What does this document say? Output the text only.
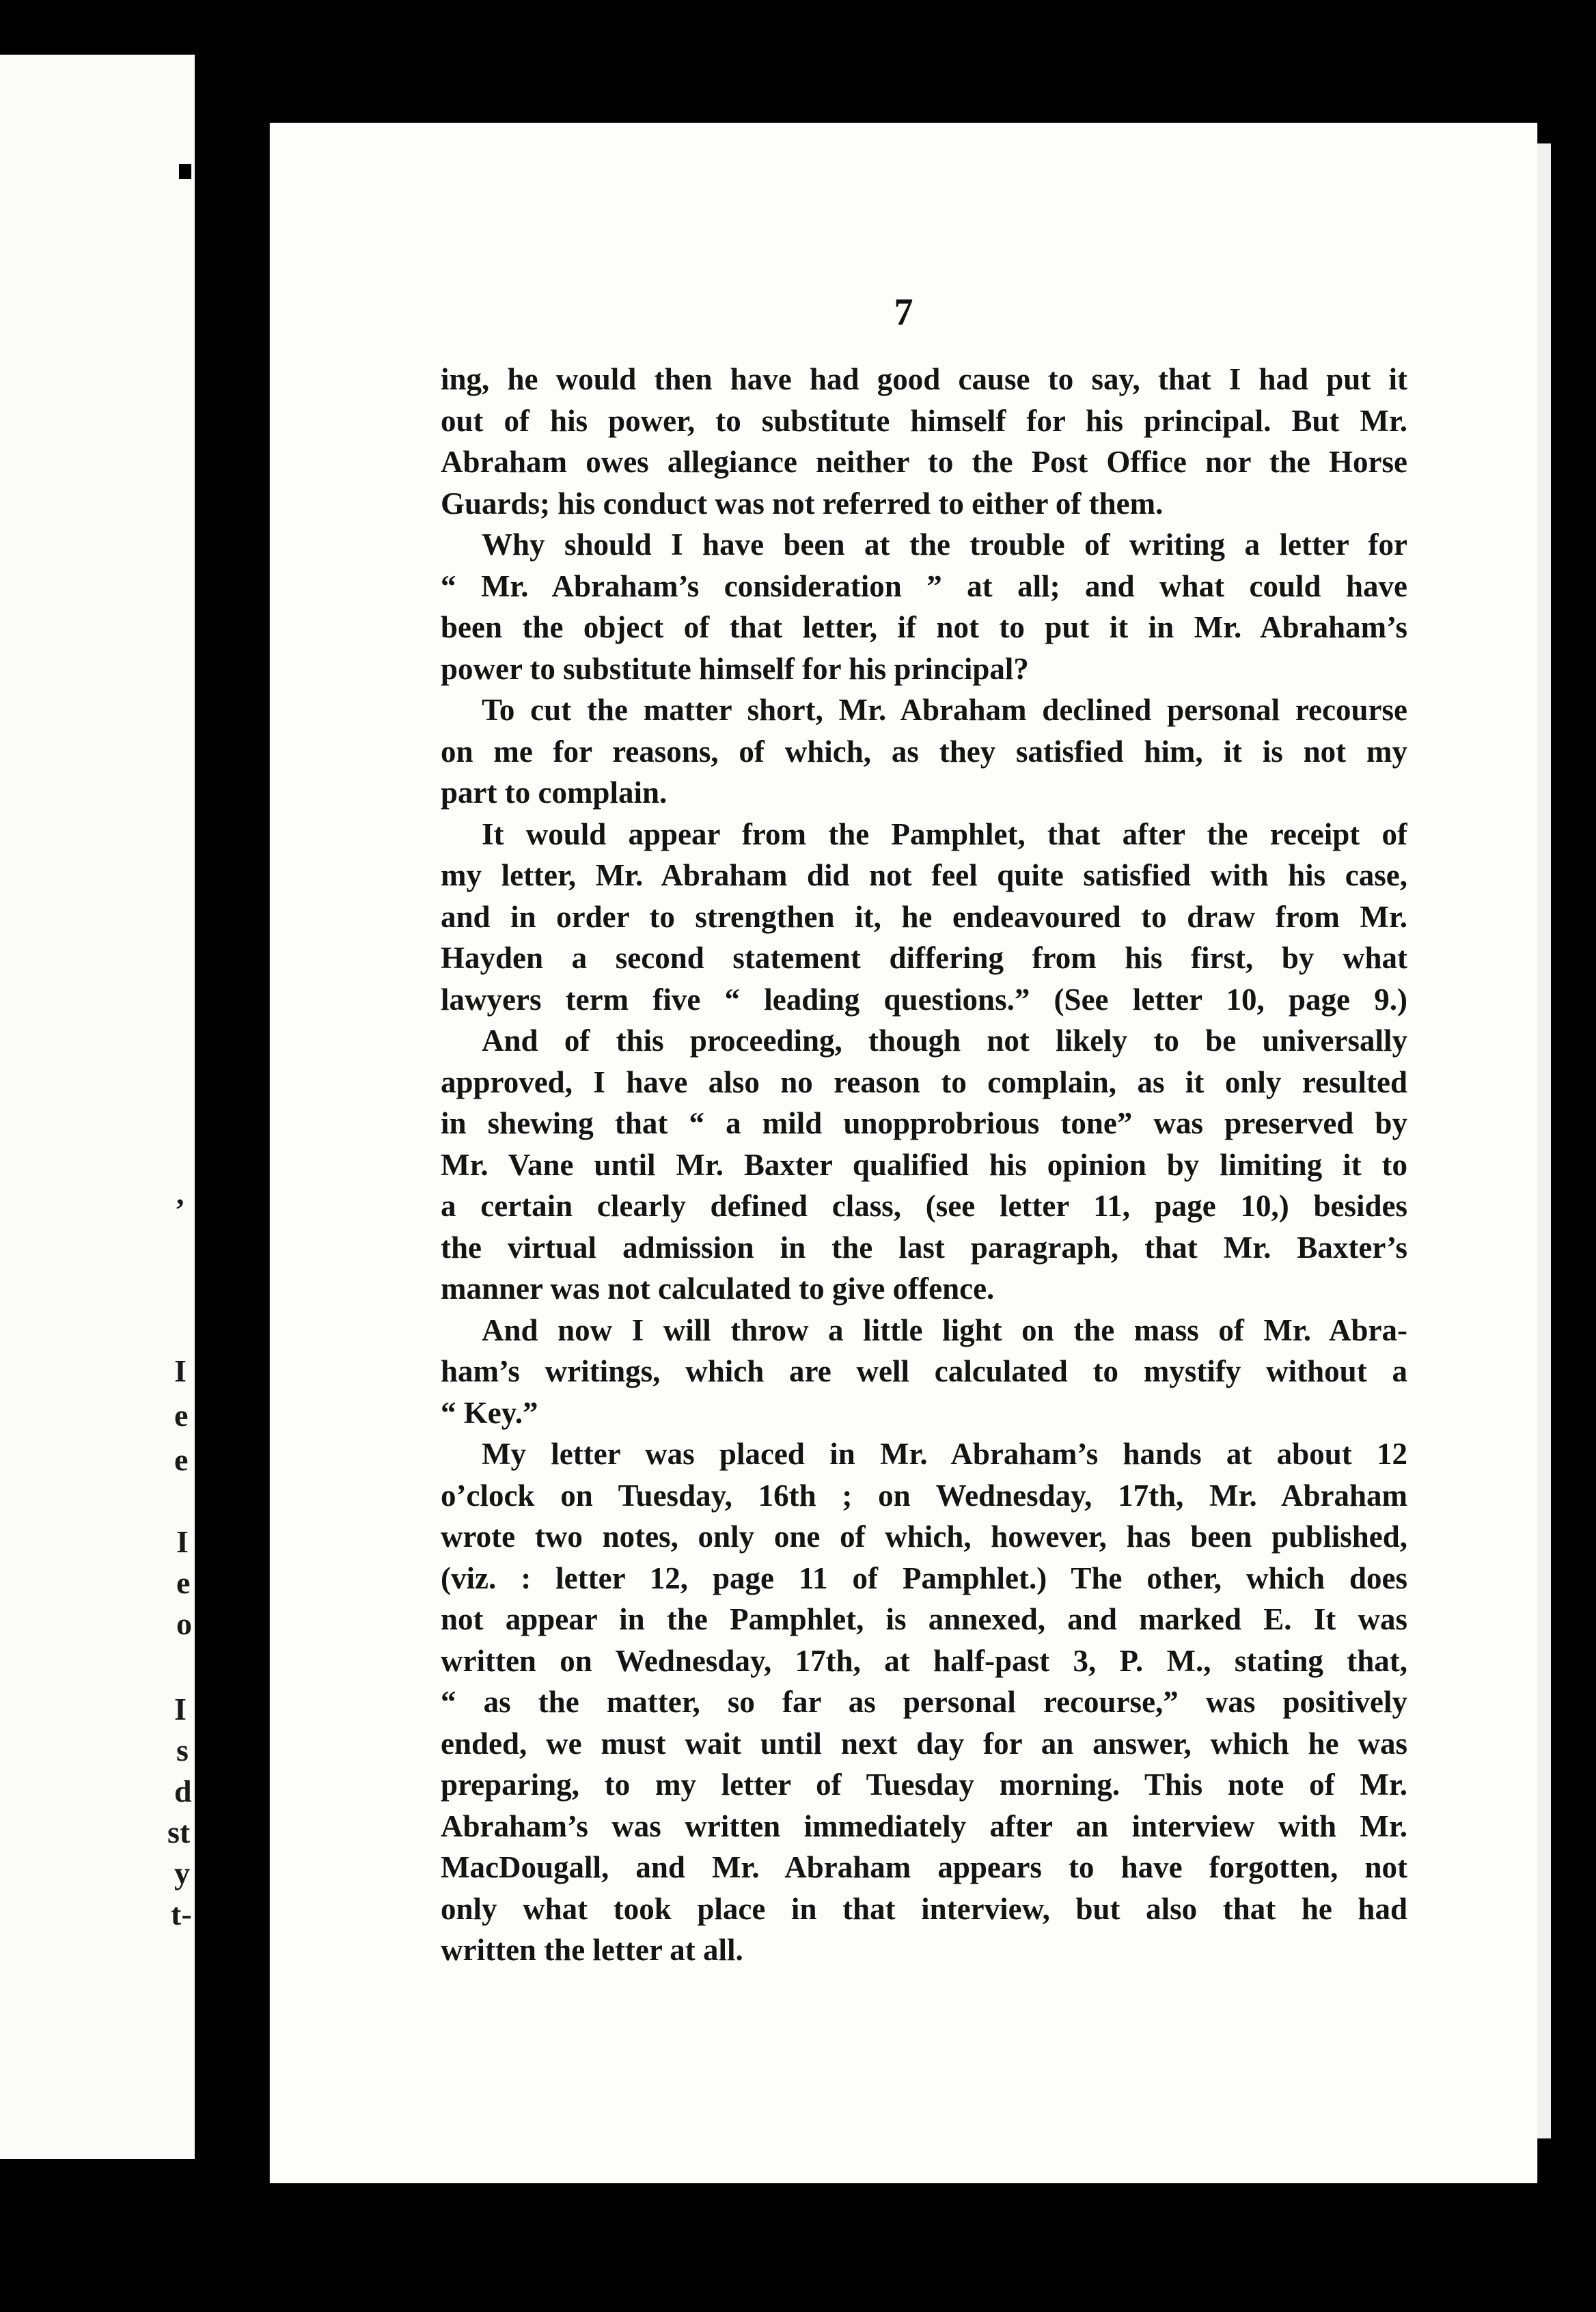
,
I
e
e
I
e
o
I
s
d
st
y
t-
7
ing, he would then have had good cause to say, that I had put it
out of his power, to substitute himself for his principal. But Mr.
Abraham owes allegiance neither to the Post Office nor the Horse
Guards; his conduct was not referred to either of them.
Why should I have been at the trouble of writing a letter for
“ Mr. Abraham’s consideration ” at all; and what could have
been the object of that letter, if not to put it in Mr. Abraham’s
power to substitute himself for his principal?
To cut the matter short, Mr. Abraham declined personal recourse
on me for reasons, of which, as they satisfied him, it is not my
part to complain.
It would appear from the Pamphlet, that after the receipt of
my letter, Mr. Abraham did not feel quite satisfied with his case,
and in order to strengthen it, he endeavoured to draw from Mr.
Hayden a second statement differing from his first, by what
lawyers term five “ leading questions.” (See letter 10, page 9.)
And of this proceeding, though not likely to be universally
approved, I have also no reason to complain, as it only resulted
in shewing that “ a mild unopprobrious tone” was preserved by
Mr. Vane until Mr. Baxter qualified his opinion by limiting it to
a certain clearly defined class, (see letter 11, page 10,) besides
the virtual admission in the last paragraph, that Mr. Baxter’s
manner was not calculated to give offence.
And now I will throw a little light on the mass of Mr. Abra-
ham’s writings, which are well calculated to mystify without a
“ Key.”
My letter was placed in Mr. Abraham’s hands at about 12
o’clock on Tuesday, 16th ; on Wednesday, 17th, Mr. Abraham
wrote two notes, only one of which, however, has been published,
(viz. : letter 12, page 11 of Pamphlet.) The other, which does
not appear in the Pamphlet, is annexed, and marked E. It was
written on Wednesday, 17th, at half-past 3, P. M., stating that,
“ as the matter, so far as personal recourse,” was positively
ended, we must wait until next day for an answer, which he was
preparing, to my letter of Tuesday morning. This note of Mr.
Abraham’s was written immediately after an interview with Mr.
MacDougall, and Mr. Abraham appears to have forgotten, not
only what took place in that interview, but also that he had
written the letter at all.
